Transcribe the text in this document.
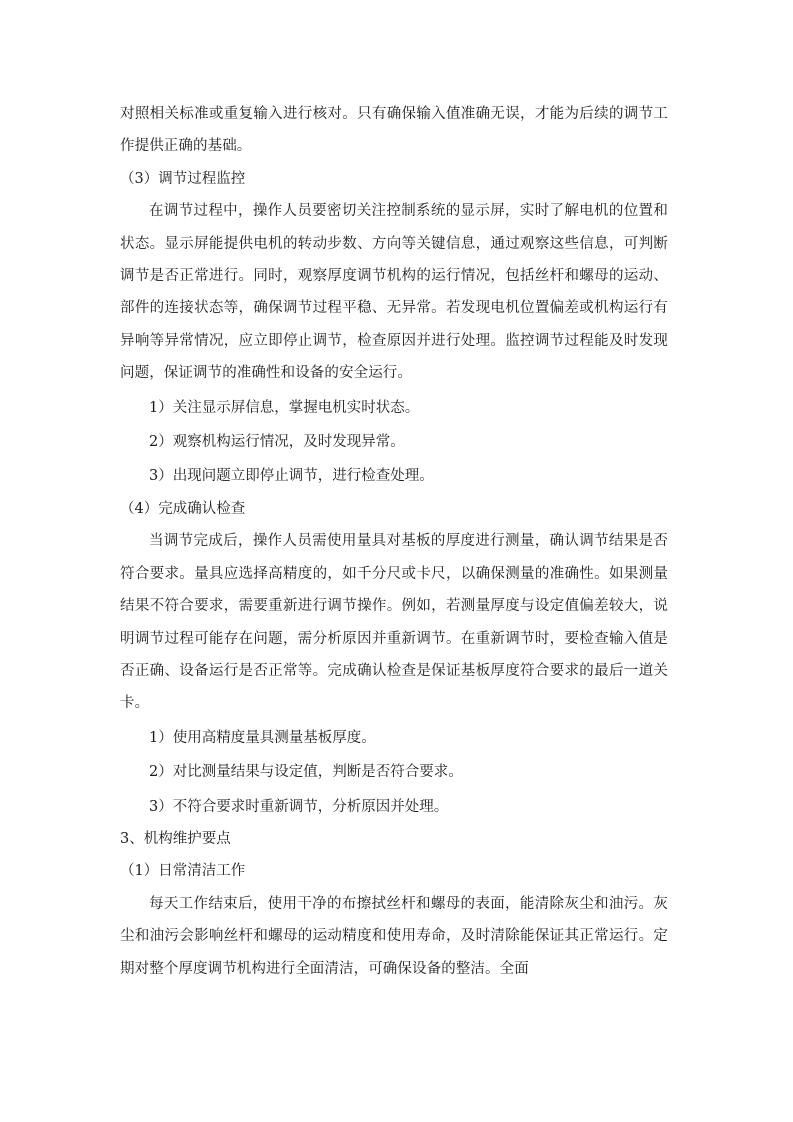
对照相关标准或重复输入进行核对。只有确保输入值准确无误，才能为后续的调节工作提供正确的基础。

（3）调节过程监控

在调节过程中，操作人员要密切关注控制系统的显示屏，实时了解电机的位置和状态。显示屏能提供电机的转动步数、方向等关键信息，通过观察这些信息，可判断调节是否正常进行。同时，观察厚度调节机构的运行情况，包括丝杆和螺母的运动、部件的连接状态等，确保调节过程平稳、无异常。若发现电机位置偏差或机构运行有异响等异常情况，应立即停止调节，检查原因并进行处理。监控调节过程能及时发现问题，保证调节的准确性和设备的安全运行。

1）关注显示屏信息，掌握电机实时状态。

2）观察机构运行情况，及时发现异常。

3）出现问题立即停止调节，进行检查处理。

（4）完成确认检查

当调节完成后，操作人员需使用量具对基板的厚度进行测量，确认调节结果是否符合要求。量具应选择高精度的，如千分尺或卡尺，以确保测量的准确性。如果测量结果不符合要求，需要重新进行调节操作。例如，若测量厚度与设定值偏差较大，说明调节过程可能存在问题，需分析原因并重新调节。在重新调节时，要检查输入值是否正确、设备运行是否正常等。完成确认检查是保证基板厚度符合要求的最后一道关卡。

1）使用高精度量具测量基板厚度。

2）对比测量结果与设定值，判断是否符合要求。

3）不符合要求时重新调节，分析原因并处理。

3、机构维护要点

（1）日常清洁工作

每天工作结束后，使用干净的布擦拭丝杆和螺母的表面，能清除灰尘和油污。灰尘和油污会影响丝杆和螺母的运动精度和使用寿命，及时清除能保证其正常运行。定期对整个厚度调节机构进行全面清洁，可确保设备的整洁。全面
